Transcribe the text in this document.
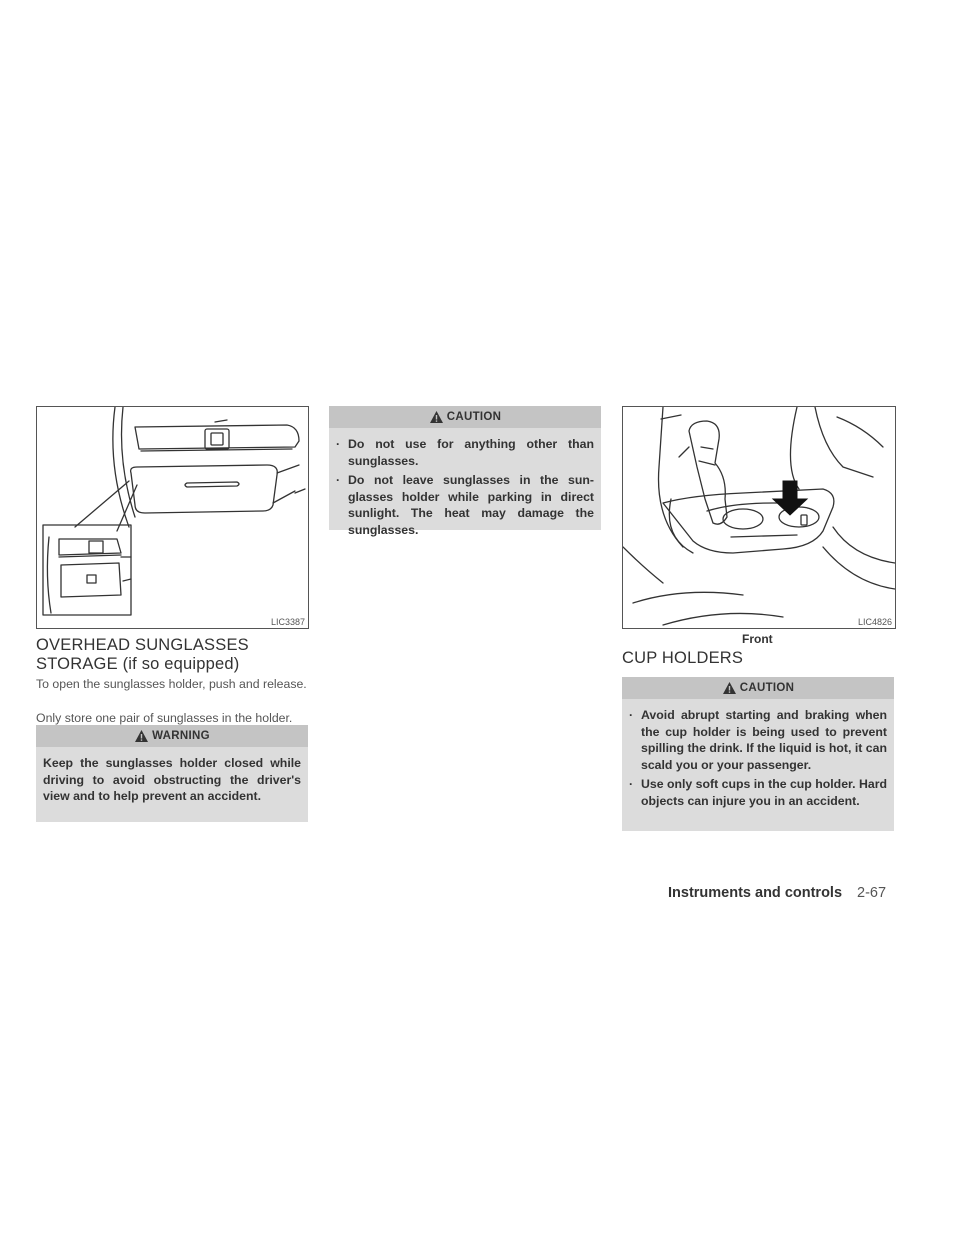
LIC3387	LIC4826
Front
OVERHEAD SUNGLASSES
STORAGE (if so equipped)
To open the sunglasses holder, push and release.
Only store one pair of sunglasses in the holder.
WARNING
Keep the sunglasses holder closed while driving to avoid obstructing the driver's view and to help prevent an accident.
CAUTION
· Do not use for anything other than sunglasses.
· Do not leave sunglasses in the sun-glasses holder while parking in direct sunlight. The heat may damage the sunglasses.
CUP HOLDERS
CAUTION
· Avoid abrupt starting and braking when the cup holder is being used to prevent spilling the drink. If the liquid is hot, it can scald you or your passenger.
· Use only soft cups in the cup holder. Hard objects can injure you in an accident.
Instruments and controls 2-67
